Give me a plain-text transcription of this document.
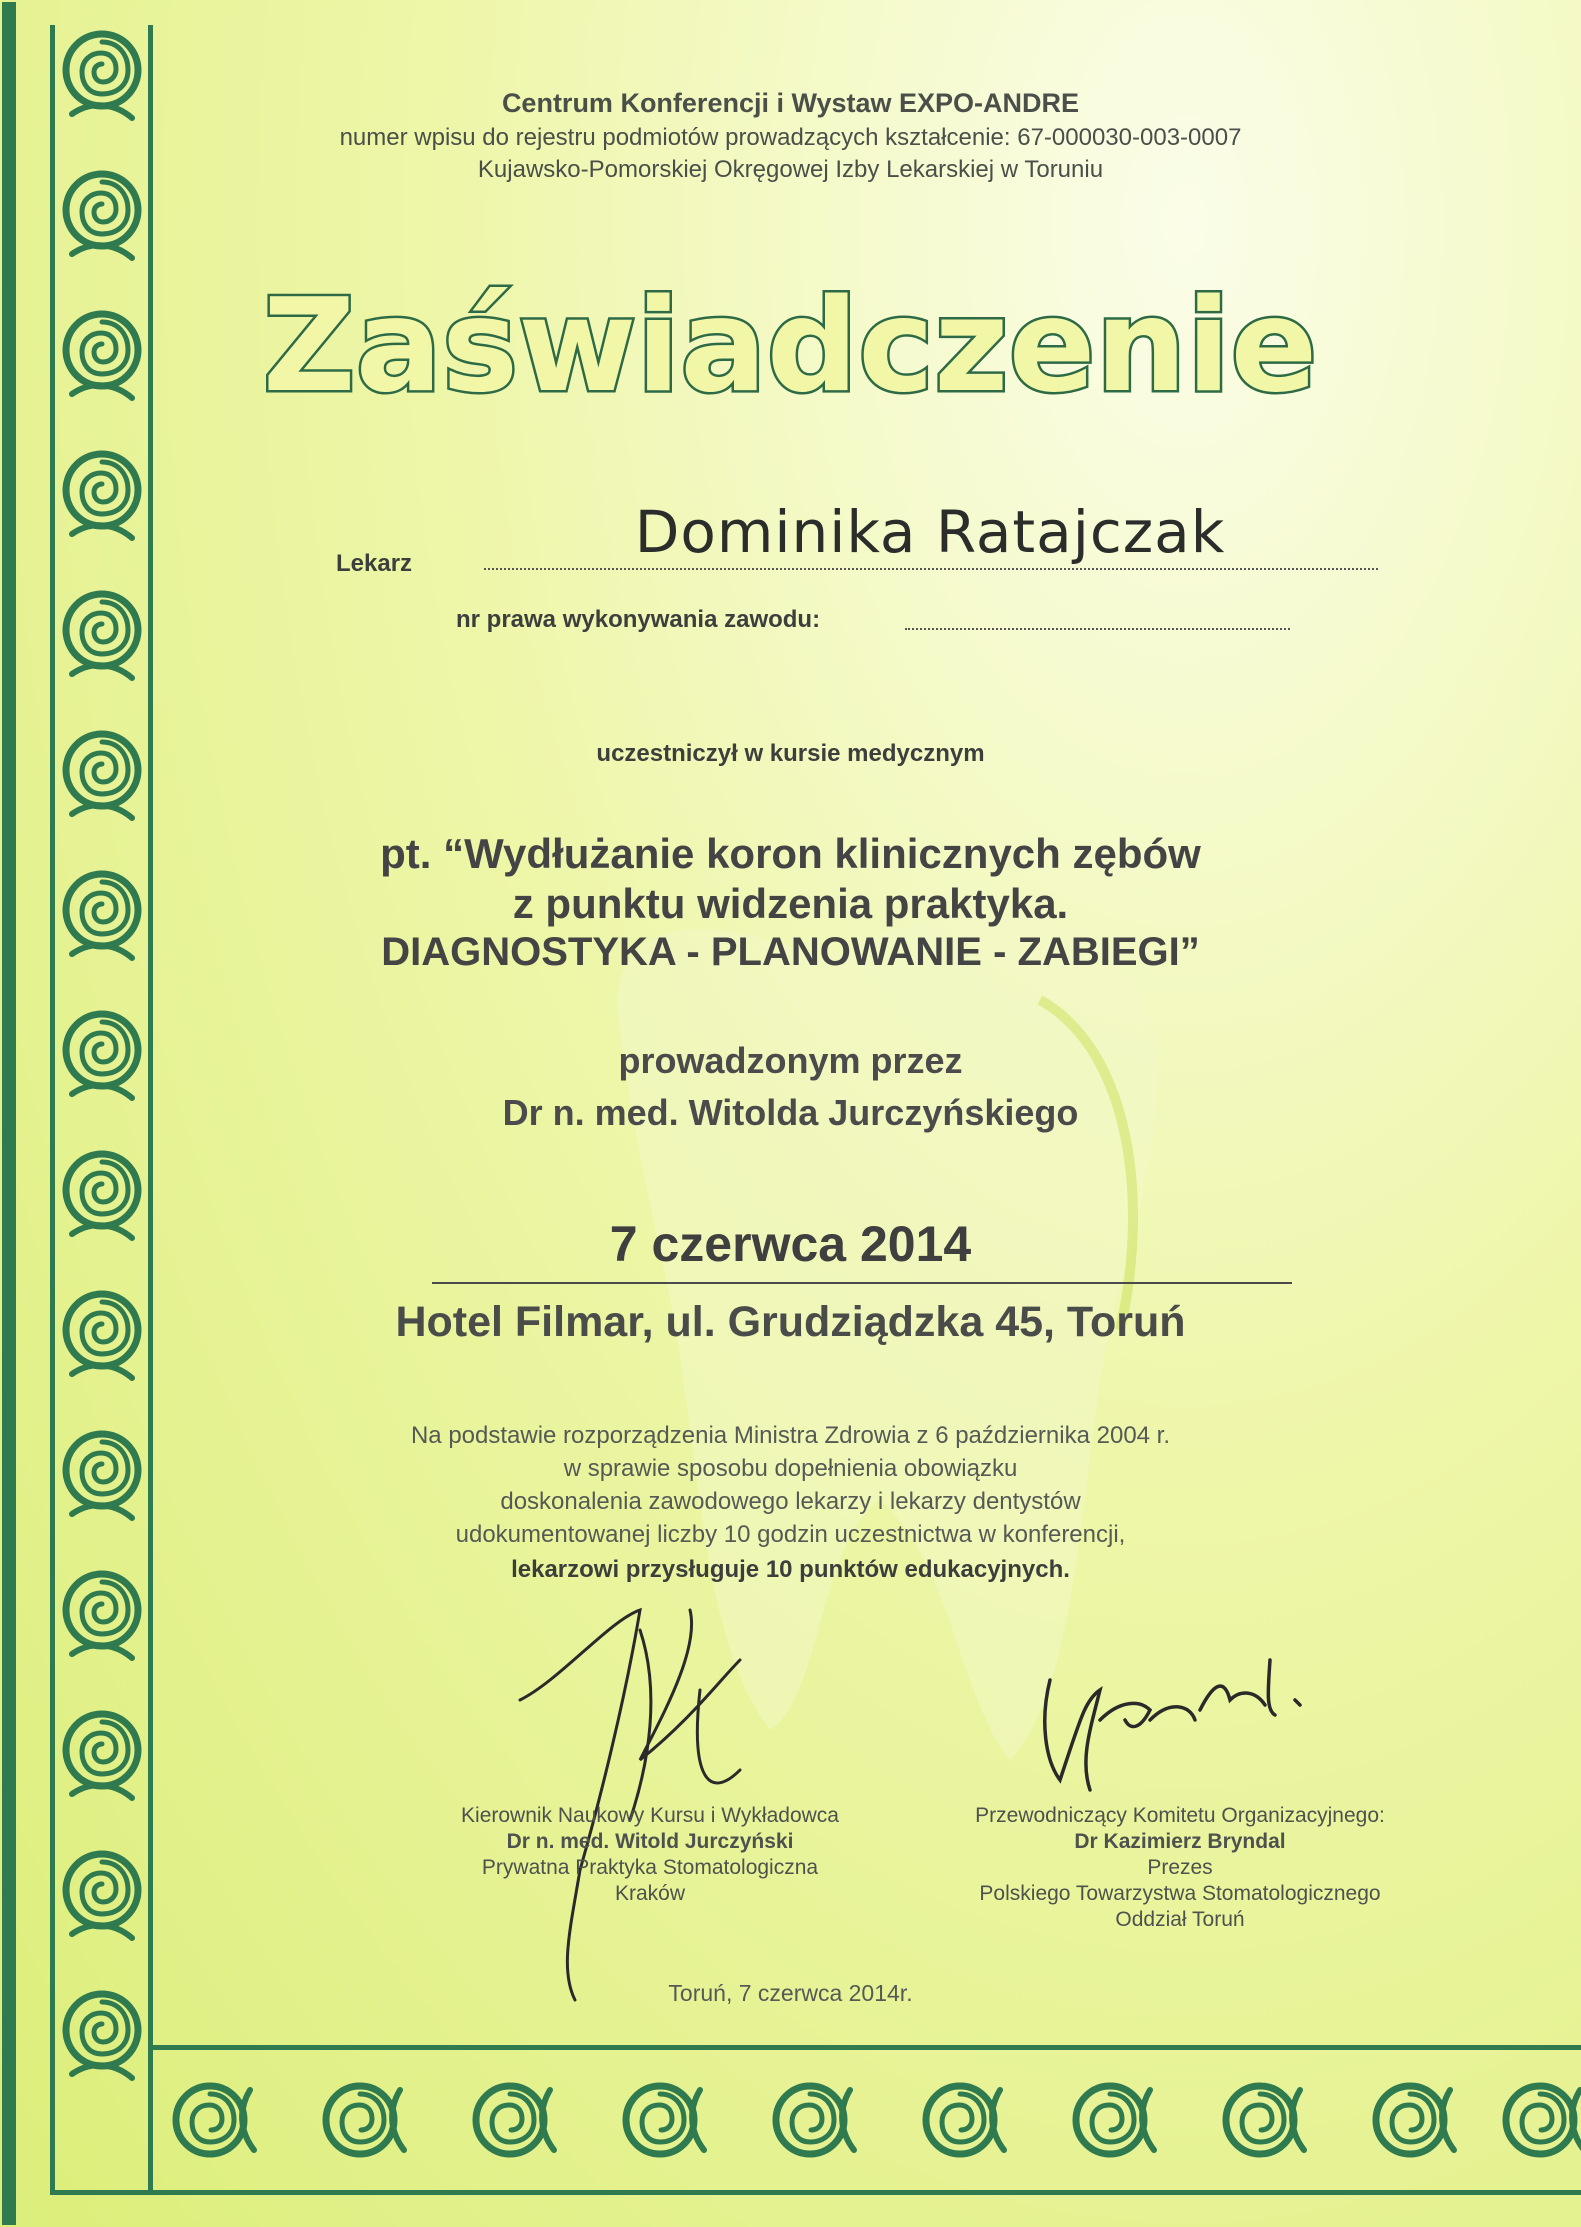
Centrum Konferencji i Wystaw EXPO-ANDRE
numer wpisu do rejestru podmiotów prowadzących kształcenie: 67-000030-003-0007
Kujawsko-Pomorskiej Okręgowej Izby Lekarskiej w Toruniu
Zaświadczenie
Lekarz	Dominika Ratajczak
nr prawa wykonywania zawodu:
uczestniczył w kursie medycznym
pt. “Wydłużanie koron klinicznych zębów
z punktu widzenia praktyka.
DIAGNOSTYKA - PLANOWANIE - ZABIEGI”
prowadzonym przez
Dr n. med. Witolda Jurczyńskiego
7 czerwca 2014
Hotel Filmar, ul. Grudziądzka 45, Toruń
Na podstawie rozporządzenia Ministra Zdrowia z 6 października 2004 r.
w sprawie sposobu dopełnienia obowiązku
doskonalenia zawodowego lekarzy i lekarzy dentystów
udokumentowanej liczby 10 godzin uczestnictwa w konferencji,
lekarzowi przysługuje 10 punktów edukacyjnych.
Kierownik Naukowy Kursu i Wykładowca
Dr n. med. Witold Jurczyński
Prywatna Praktyka Stomatologiczna
Kraków
Przewodniczący Komitetu Organizacyjnego:
Dr Kazimierz Bryndal
Prezes
Polskiego Towarzystwa Stomatologicznego
Oddział Toruń
Toruń, 7 czerwca 2014r.
